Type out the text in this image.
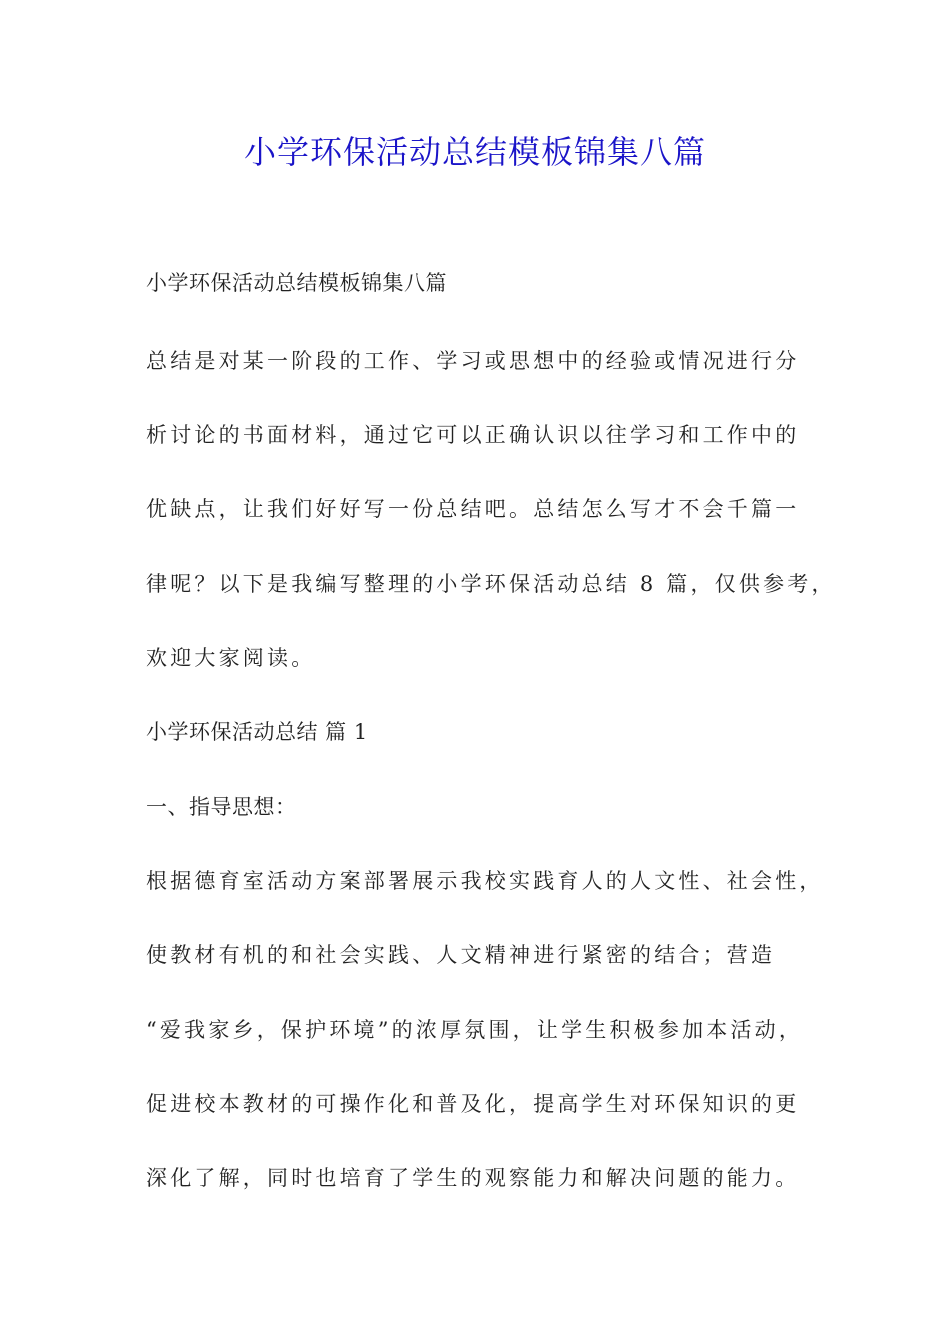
小学环保活动总结模板锦集八篇
小学环保活动总结模板锦集八篇
总结是对某一阶段的工作、学习或思想中的经验或情况进行分
析讨论的书面材料，通过它可以正确认识以往学习和工作中的
优缺点，让我们好好写一份总结吧。总结怎么写才不会千篇一
律呢？以下是我编写整理的小学环保活动总结 8 篇，仅供参考，
欢迎大家阅读。
小学环保活动总结 篇 1
一、指导思想：
根据德育室活动方案部署展示我校实践育人的人文性、社会性，
使教材有机的和社会实践、人文精神进行紧密的结合；营造
“爱我家乡，保护环境”的浓厚氛围，让学生积极参加本活动，
促进校本教材的可操作化和普及化，提高学生对环保知识的更
深化了解，同时也培育了学生的观察能力和解决问题的能力。
